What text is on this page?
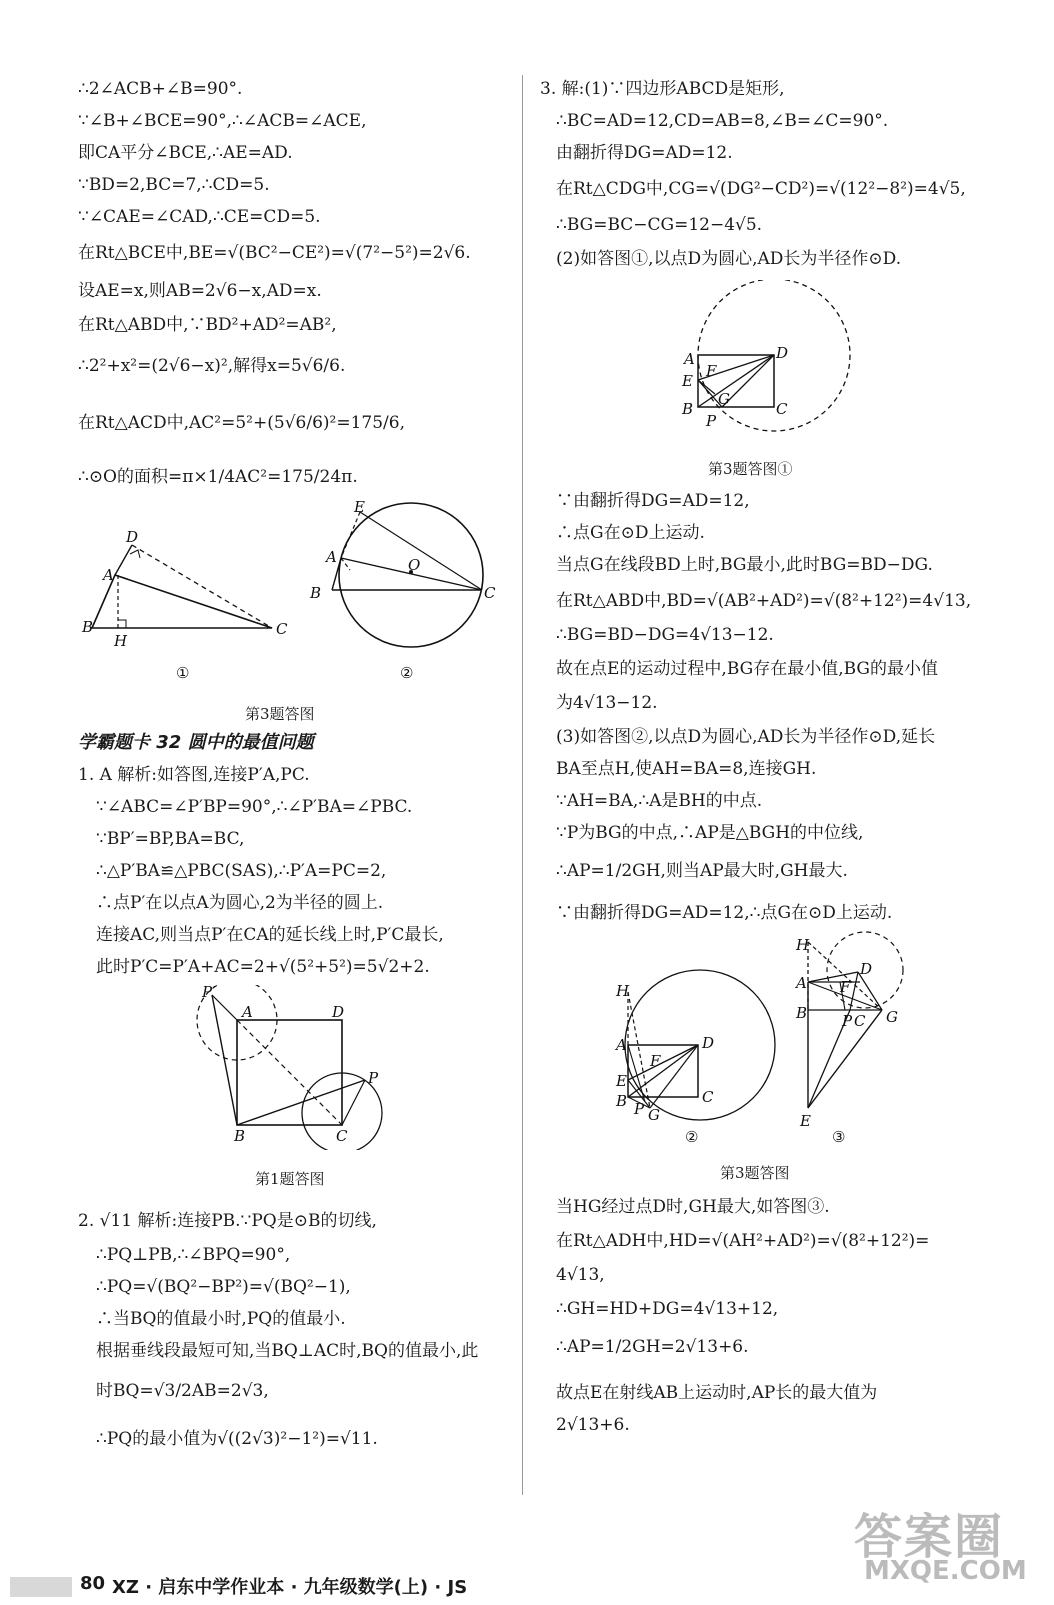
∴2∠ACB+∠B=90°.
∵∠B+∠BCE=90°,∴∠ACB=∠ACE,
即CA平分∠BCE,∴AE=AD.
∵BD=2,BC=7,∴CD=5.
∵∠CAE=∠CAD,∴CE=CD=5.
在Rt△BCE中,BE=√(BC²−CE²)=√(7²−5²)=2√6.
设AE=x,则AB=2√6−x,AD=x.
在Rt△ABD中,∵BD²+AD²=AB²,
∴2²+x²=(2√6−x)²,解得x=5√6/6.
在Rt△ACD中,AC²=5²+(5√6/6)²=175/6,
∴⊙O的面积=π×1/4AC²=175/24π.
B
A
D
H
C
E
A	O
B	C
①	②
第3题答图
学霸题卡 32 圆中的最值问题
1. A 解析:如答图,连接P′A,PC.
∵∠ABC=∠P′BP=90°,∴∠P′BA=∠PBC.
∵BP′=BP,BA=BC,
∴△P′BA≌△PBC(SAS),∴P′A=PC=2,
∴点P′在以点A为圆心,2为半径的圆上.
连接AC,则当点P′在CA的延长线上时,P′C最长,
此时P′C=P′A+AC=2+√(5²+5²)=5√2+2.
P′
A	D
P
B	C
第1题答图
2. √11 解析:连接PB.∵PQ是⊙B的切线,
∴PQ⊥PB,∴∠BPQ=90°,
∴PQ=√(BQ²−BP²)=√(BQ²−1),
∴当BQ的值最小时,PQ的值最小.
根据垂线段最短可知,当BQ⊥AC时,BQ的值最小,此
时BQ=√3/2AB=2√3,
∴PQ的最小值为√((2√3)²−1²)=√11.
3. 解:(1)∵四边形ABCD是矩形,
∴BC=AD=12,CD=AB=8,∠B=∠C=90°.
由翻折得DG=AD=12.
在Rt△CDG中,CG=√(DG²−CD²)=√(12²−8²)=4√5,
∴BG=BC−CG=12−4√5.
(2)如答图①,以点D为圆心,AD长为半径作⊙D.
A	D
F
E
B
G
C
P
第3题答图①
∵由翻折得DG=AD=12,
∴点G在⊙D上运动.
当点G在线段BD上时,BG最小,此时BG=BD−DG.
在Rt△ABD中,BD=√(AB²+AD²)=√(8²+12²)=4√13,
∴BG=BD−DG=4√13−12.
故在点E的运动过程中,BG存在最小值,BG的最小值
为4√13−12.
(3)如答图②,以点D为圆心,AD长为半径作⊙D,延长
BA至点H,使AH=BA=8,连接GH.
∵AH=BA,∴A是BH的中点.
∵P为BG的中点,∴AP是△BGH的中位线,
∴AP=1/2GH,则当AP最大时,GH最大.
∵由翻折得DG=AD=12,∴点G在⊙D上运动.
H
A	D
F
E
B P G
C
H
D
F
A
B P C G
E
②	③
第3题答图
当HG经过点D时,GH最大,如答图③.
在Rt△ADH中,HD=√(AH²+AD²)=√(8²+12²)=
4√13,
∴GH=HD+DG=4√13+12,
∴AP=1/2GH=2√13+6.
故点E在射线AB上运动时,AP长的最大值为
2√13+6.
80 XZ · 启东中学作业本 · 九年级数学(上) · JS
答案圈
MXQE.COM
